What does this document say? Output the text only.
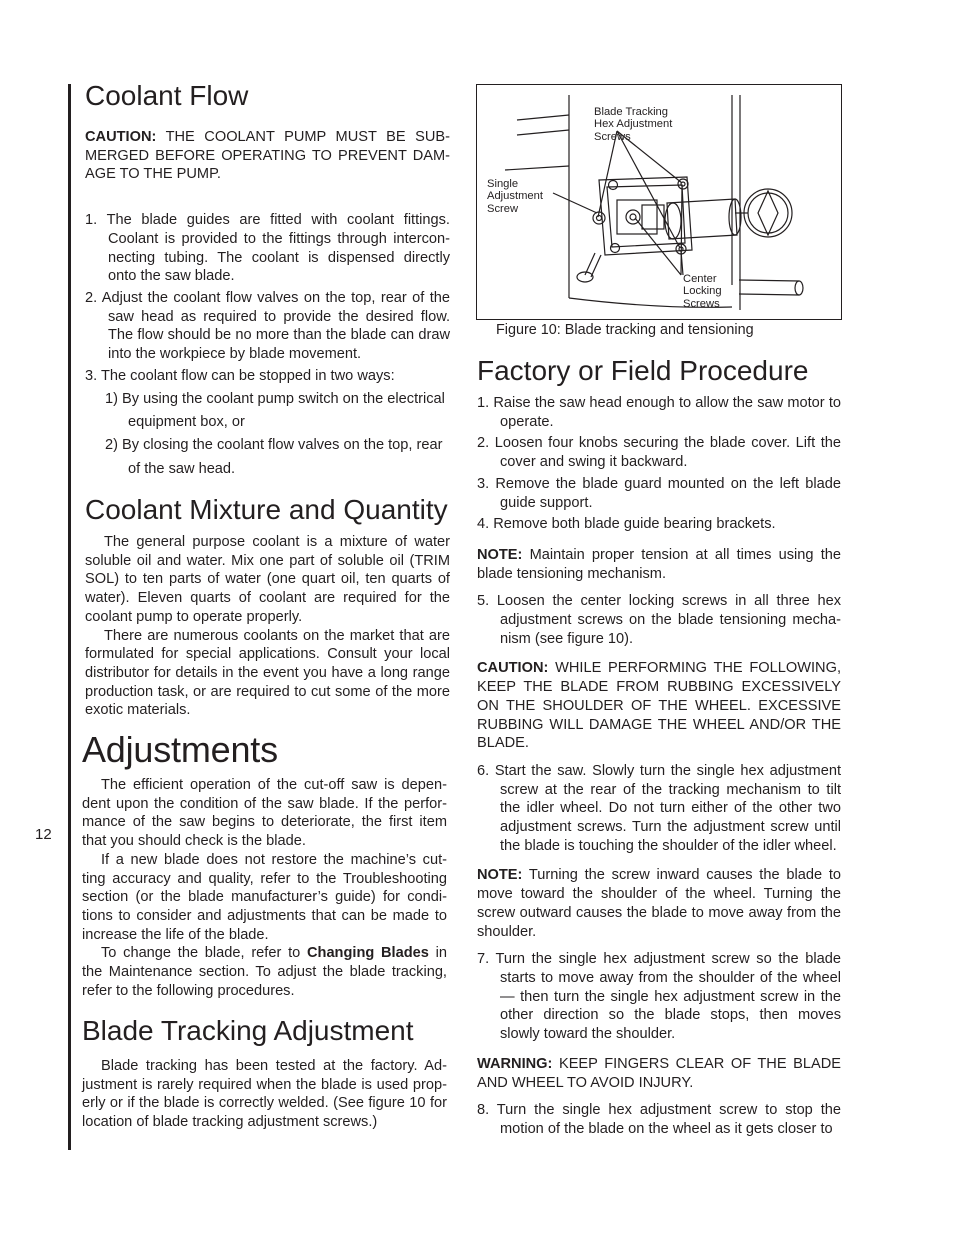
12
Coolant Flow

CAUTION: THE COOLANT PUMP MUST BE SUB-MERGED BEFORE OPERATING TO PREVENT DAM-AGE TO THE PUMP.

1. The blade guides are fitted with coolant fittings. Coolant is provided to the fittings through intercon-necting tubing. The coolant is dispensed directly onto the saw blade.

2. Adjust the coolant flow valves on the top, rear of the saw head as required to provide the desired flow. The flow should be no more than the blade can draw into the workpiece by blade movement.

3. The coolant flow can be stopped in two ways:

1) By using the coolant pump switch on the electrical equipment box, or

2) By closing the coolant flow valves on the top, rear of the saw head.

Coolant Mixture and Quantity

The general purpose coolant is a mixture of water soluble oil and water. Mix one part of soluble oil (TRIM SOL) to ten parts of water (one quart oil, ten quarts of water). Eleven quarts of coolant are required for the coolant pump to operate properly.

There are numerous coolants on the market that are formulated for special applications. Consult your local distributor for details in the event you have a long range production task, or are required to cut some of the more exotic materials.

Adjustments

The efficient operation of the cut-off saw is depen-dent upon the condition of the saw blade. If the perfor-mance of the saw begins to deteriorate, the first item that you should check is the blade.

If a new blade does not restore the machine’s cut-ting accuracy and quality, refer to the Troubleshooting section (or the blade manufacturer’s guide) for condi-tions to consider and adjustments that can be made to increase the life of the blade.

To change the blade, refer to Changing Blades in the Maintenance section. To adjust the blade tracking, refer to the following procedures.

Blade Tracking Adjustment

Blade tracking has been tested at the factory. Ad-justment is rarely required when the blade is used prop-erly or if the blade is correctly welded. (See figure 10 for location of blade tracking adjustment screws.)

Blade Tracking
Hex Adjustment
Screws
Single
Adjustment
Screw
Center
Locking
Screws
Figure 10: Blade tracking and tensioning
Factory or Field Procedure

1. Raise the saw head enough to allow the saw motor to operate.

2. Loosen four knobs securing the blade cover. Lift the cover and swing it backward.

3. Remove the blade guard mounted on the left blade guide support.

4. Remove both blade guide bearing brackets.

NOTE: Maintain proper tension at all times using the blade tensioning mechanism.

5. Loosen the center locking screws in all three hex adjustment screws on the blade tensioning mecha-nism (see figure 10).

CAUTION: WHILE PERFORMING THE FOLLOWING, KEEP THE BLADE FROM RUBBING EXCESSIVELY ON THE SHOULDER OF THE WHEEL. EXCESSIVE RUBBING WILL DAMAGE THE WHEEL AND/OR THE BLADE.

6. Start the saw. Slowly turn the single hex adjustment screw at the rear of the tracking mechanism to tilt the idler wheel. Do not turn either of the other two adjustment screws. Turn the adjustment screw until the blade is touching the shoulder of the idler wheel.

NOTE: Turning the screw inward causes the blade to move toward the shoulder of the wheel. Turning the screw outward causes the blade to move away from the shoulder.

7. Turn the single hex adjustment screw so the blade starts to move away from the shoulder of the wheel — then turn the single hex adjustment screw in the other direction so the blade stops, then moves slowly toward the shoulder.

WARNING: KEEP FINGERS CLEAR OF THE BLADE AND WHEEL TO AVOID INJURY.

8. Turn the single hex adjustment screw to stop the motion of the blade on the wheel as it gets closer to
